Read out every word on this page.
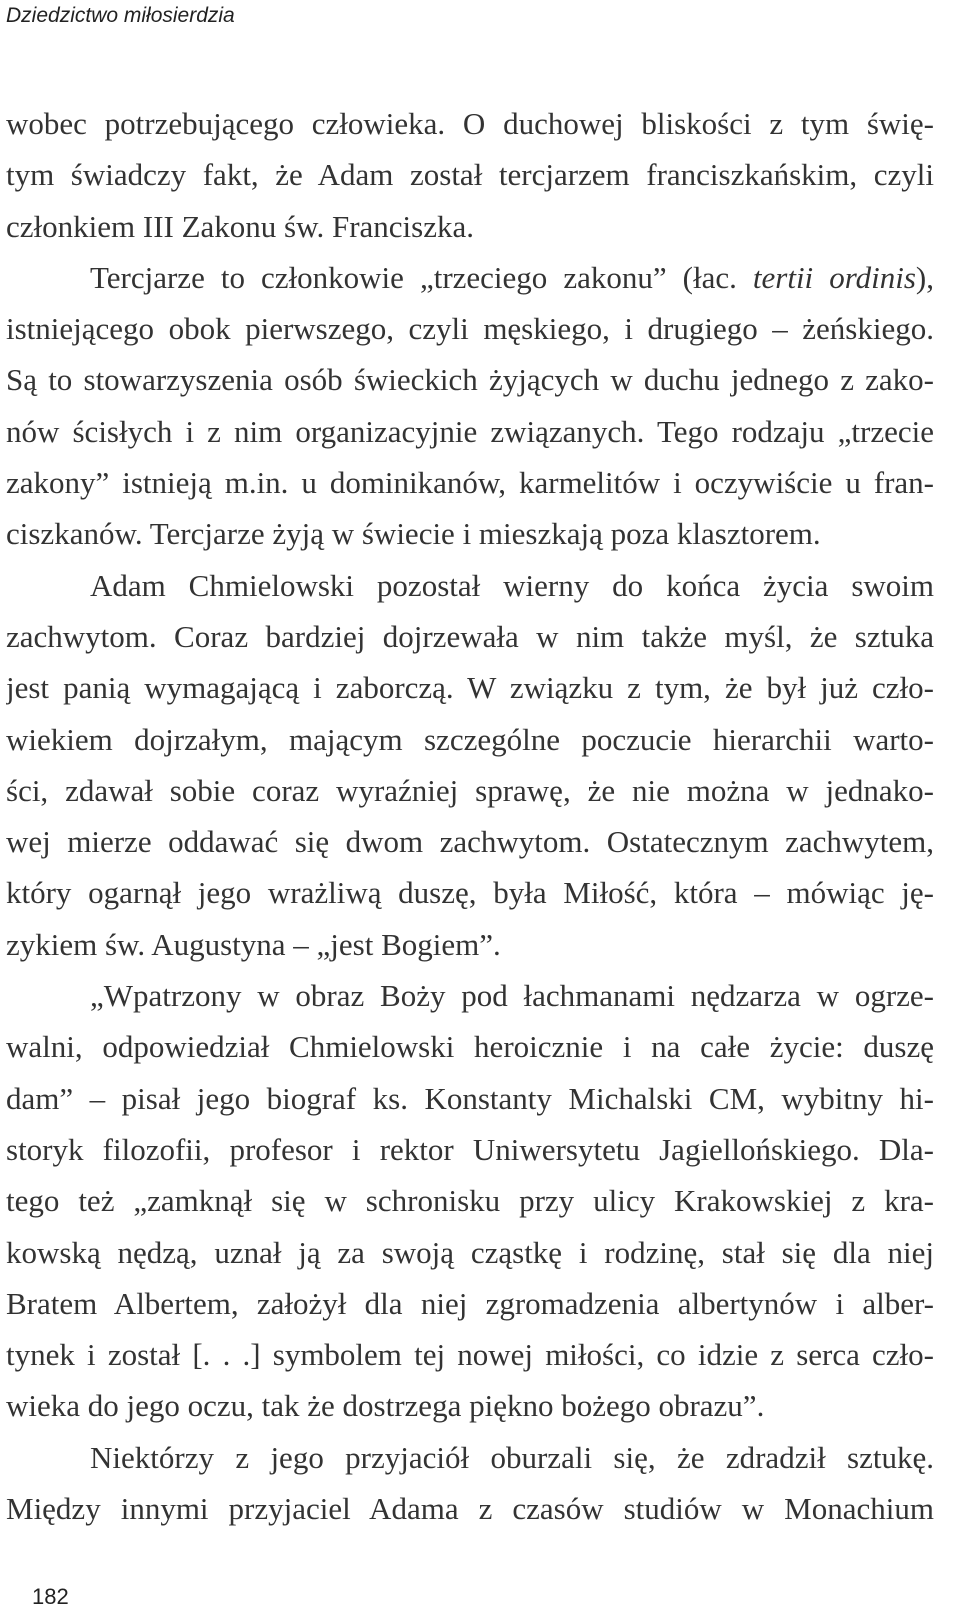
Dziedzictwo miłosierdzia
wobec potrzebującego człowieka. O duchowej bliskości z tym świę-
tym świadczy fakt, że Adam został tercjarzem franciszkańskim, czyli
członkiem III Zakonu św. Franciszka.
Tercjarze to członkowie „trzeciego zakonu” (łac. tertii ordinis),
istniejącego obok pierwszego, czyli męskiego, i drugiego – żeńskiego.
Są to stowarzyszenia osób świeckich żyjących w duchu jednego z zako-
nów ścisłych i z nim organizacyjnie związanych. Tego rodzaju „trzecie
zakony” istnieją m.in. u dominikanów, karmelitów i oczywiście u fran-
ciszkanów. Tercjarze żyją w świecie i mieszkają poza klasztorem.
Adam Chmielowski pozostał wierny do końca życia swoim
zachwytom. Coraz bardziej dojrzewała w nim także myśl, że sztuka
jest panią wymagającą i zaborczą. W związku z tym, że był już czło-
wiekiem dojrzałym, mającym szczególne poczucie hierarchii warto-
ści, zdawał sobie coraz wyraźniej sprawę, że nie można w jednako-
wej mierze oddawać się dwom zachwytom. Ostatecznym zachwytem,
który ogarnął jego wrażliwą duszę, była Miłość, która – mówiąc ję-
zykiem św. Augustyna – „jest Bogiem”.
„Wpatrzony w obraz Boży pod łachmanami nędzarza w ogrze-
walni, odpowiedział Chmielowski heroicznie i na całe życie: duszę
dam” – pisał jego biograf ks. Konstanty Michalski CM, wybitny hi-
storyk filozofii, profesor i rektor Uniwersytetu Jagiellońskiego. Dla-
tego też „zamknął się w schronisku przy ulicy Krakowskiej z kra-
kowską nędzą, uznał ją za swoją cząstkę i rodzinę, stał się dla niej
Bratem Albertem, założył dla niej zgromadzenia albertynów i alber-
tynek i został [. . .] symbolem tej nowej miłości, co idzie z serca czło-
wieka do jego oczu, tak że dostrzega piękno bożego obrazu”.
Niektórzy z jego przyjaciół oburzali się, że zdradził sztukę.
Między innymi przyjaciel Adama z czasów studiów w Monachium
182
